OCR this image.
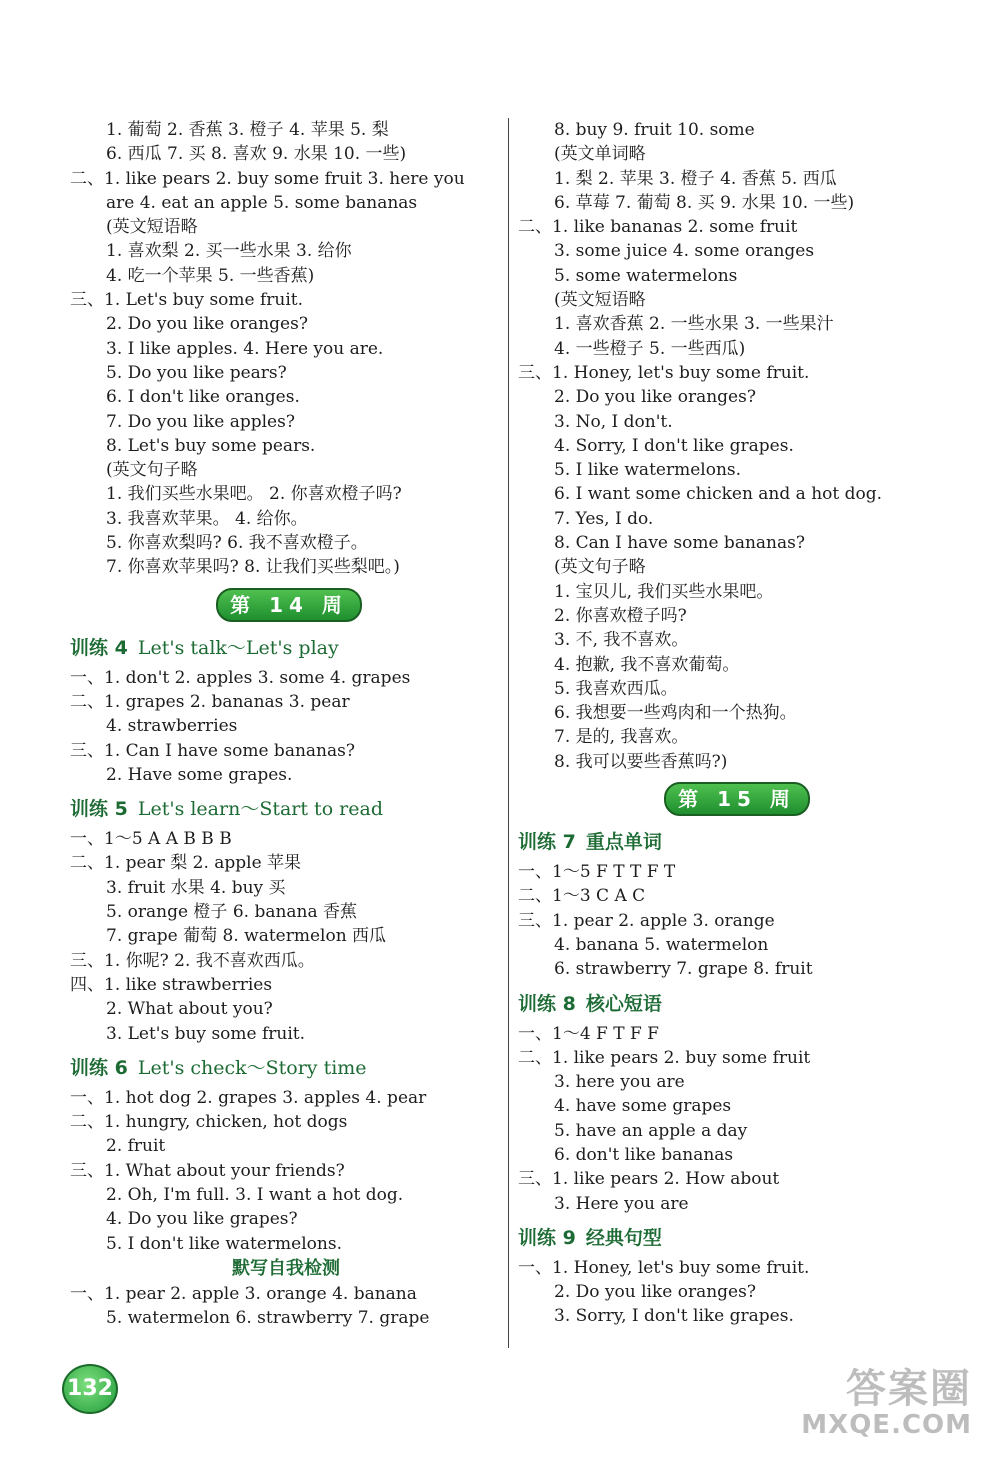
1. 葡萄 2. 香蕉 3. 橙子 4. 苹果 5. 梨
6. 西瓜 7. 买 8. 喜欢 9. 水果 10. 一些)
二、1. like pears 2. buy some fruit 3. here you
are 4. eat an apple 5. some bananas
(英文短语略
1. 喜欢梨 2. 买一些水果 3. 给你
4. 吃一个苹果 5. 一些香蕉)
三、1. Let's buy some fruit.
2. Do you like oranges?
3. I like apples. 4. Here you are.
5. Do you like pears?
6. I don't like oranges.
7. Do you like apples?
8. Let's buy some pears.
(英文句子略
1. 我们买些水果吧。 2. 你喜欢橙子吗?
3. 我喜欢苹果。 4. 给你。
5. 你喜欢梨吗? 6. 我不喜欢橙子。
7. 你喜欢苹果吗? 8. 让我们买些梨吧。)
第 14 周
训练 4 Let's talk～Let's play
一、1. don't 2. apples 3. some 4. grapes
二、1. grapes 2. bananas 3. pear
4. strawberries
三、1. Can I have some bananas?
2. Have some grapes.
训练 5 Let's learn～Start to read
一、1～5 A A B B B
二、1. pear 梨 2. apple 苹果
3. fruit 水果 4. buy 买
5. orange 橙子 6. banana 香蕉
7. grape 葡萄 8. watermelon 西瓜
三、1. 你呢? 2. 我不喜欢西瓜。
四、1. like strawberries
2. What about you?
3. Let's buy some fruit.
训练 6 Let's check～Story time
一、1. hot dog 2. grapes 3. apples 4. pear
二、1. hungry, chicken, hot dogs
2. fruit
三、1. What about your friends?
2. Oh, I'm full. 3. I want a hot dog.
4. Do you like grapes?
5. I don't like watermelons.
默写自我检测
一、1. pear 2. apple 3. orange 4. banana
5. watermelon 6. strawberry 7. grape
8. buy 9. fruit 10. some
(英文单词略
1. 梨 2. 苹果 3. 橙子 4. 香蕉 5. 西瓜
6. 草莓 7. 葡萄 8. 买 9. 水果 10. 一些)
二、1. like bananas 2. some fruit
3. some juice 4. some oranges
5. some watermelons
(英文短语略
1. 喜欢香蕉 2. 一些水果 3. 一些果汁
4. 一些橙子 5. 一些西瓜)
三、1. Honey, let's buy some fruit.
2. Do you like oranges?
3. No, I don't.
4. Sorry, I don't like grapes.
5. I like watermelons.
6. I want some chicken and a hot dog.
7. Yes, I do.
8. Can I have some bananas?
(英文句子略
1. 宝贝儿, 我们买些水果吧。
2. 你喜欢橙子吗?
3. 不, 我不喜欢。
4. 抱歉, 我不喜欢葡萄。
5. 我喜欢西瓜。
6. 我想要一些鸡肉和一个热狗。
7. 是的, 我喜欢。
8. 我可以要些香蕉吗?)
第 15 周
训练 7 重点单词
一、1～5 F T T F T
二、1～3 C A C
三、1. pear 2. apple 3. orange
4. banana 5. watermelon
6. strawberry 7. grape 8. fruit
训练 8 核心短语
一、1～4 F T F F
二、1. like pears 2. buy some fruit
3. here you are
4. have some grapes
5. have an apple a day
6. don't like bananas
三、1. like pears 2. How about
3. Here you are
训练 9 经典句型
一、1. Honey, let's buy some fruit.
2. Do you like oranges?
3. Sorry, I don't like grapes.
132	答案圈
MXQE.COM
